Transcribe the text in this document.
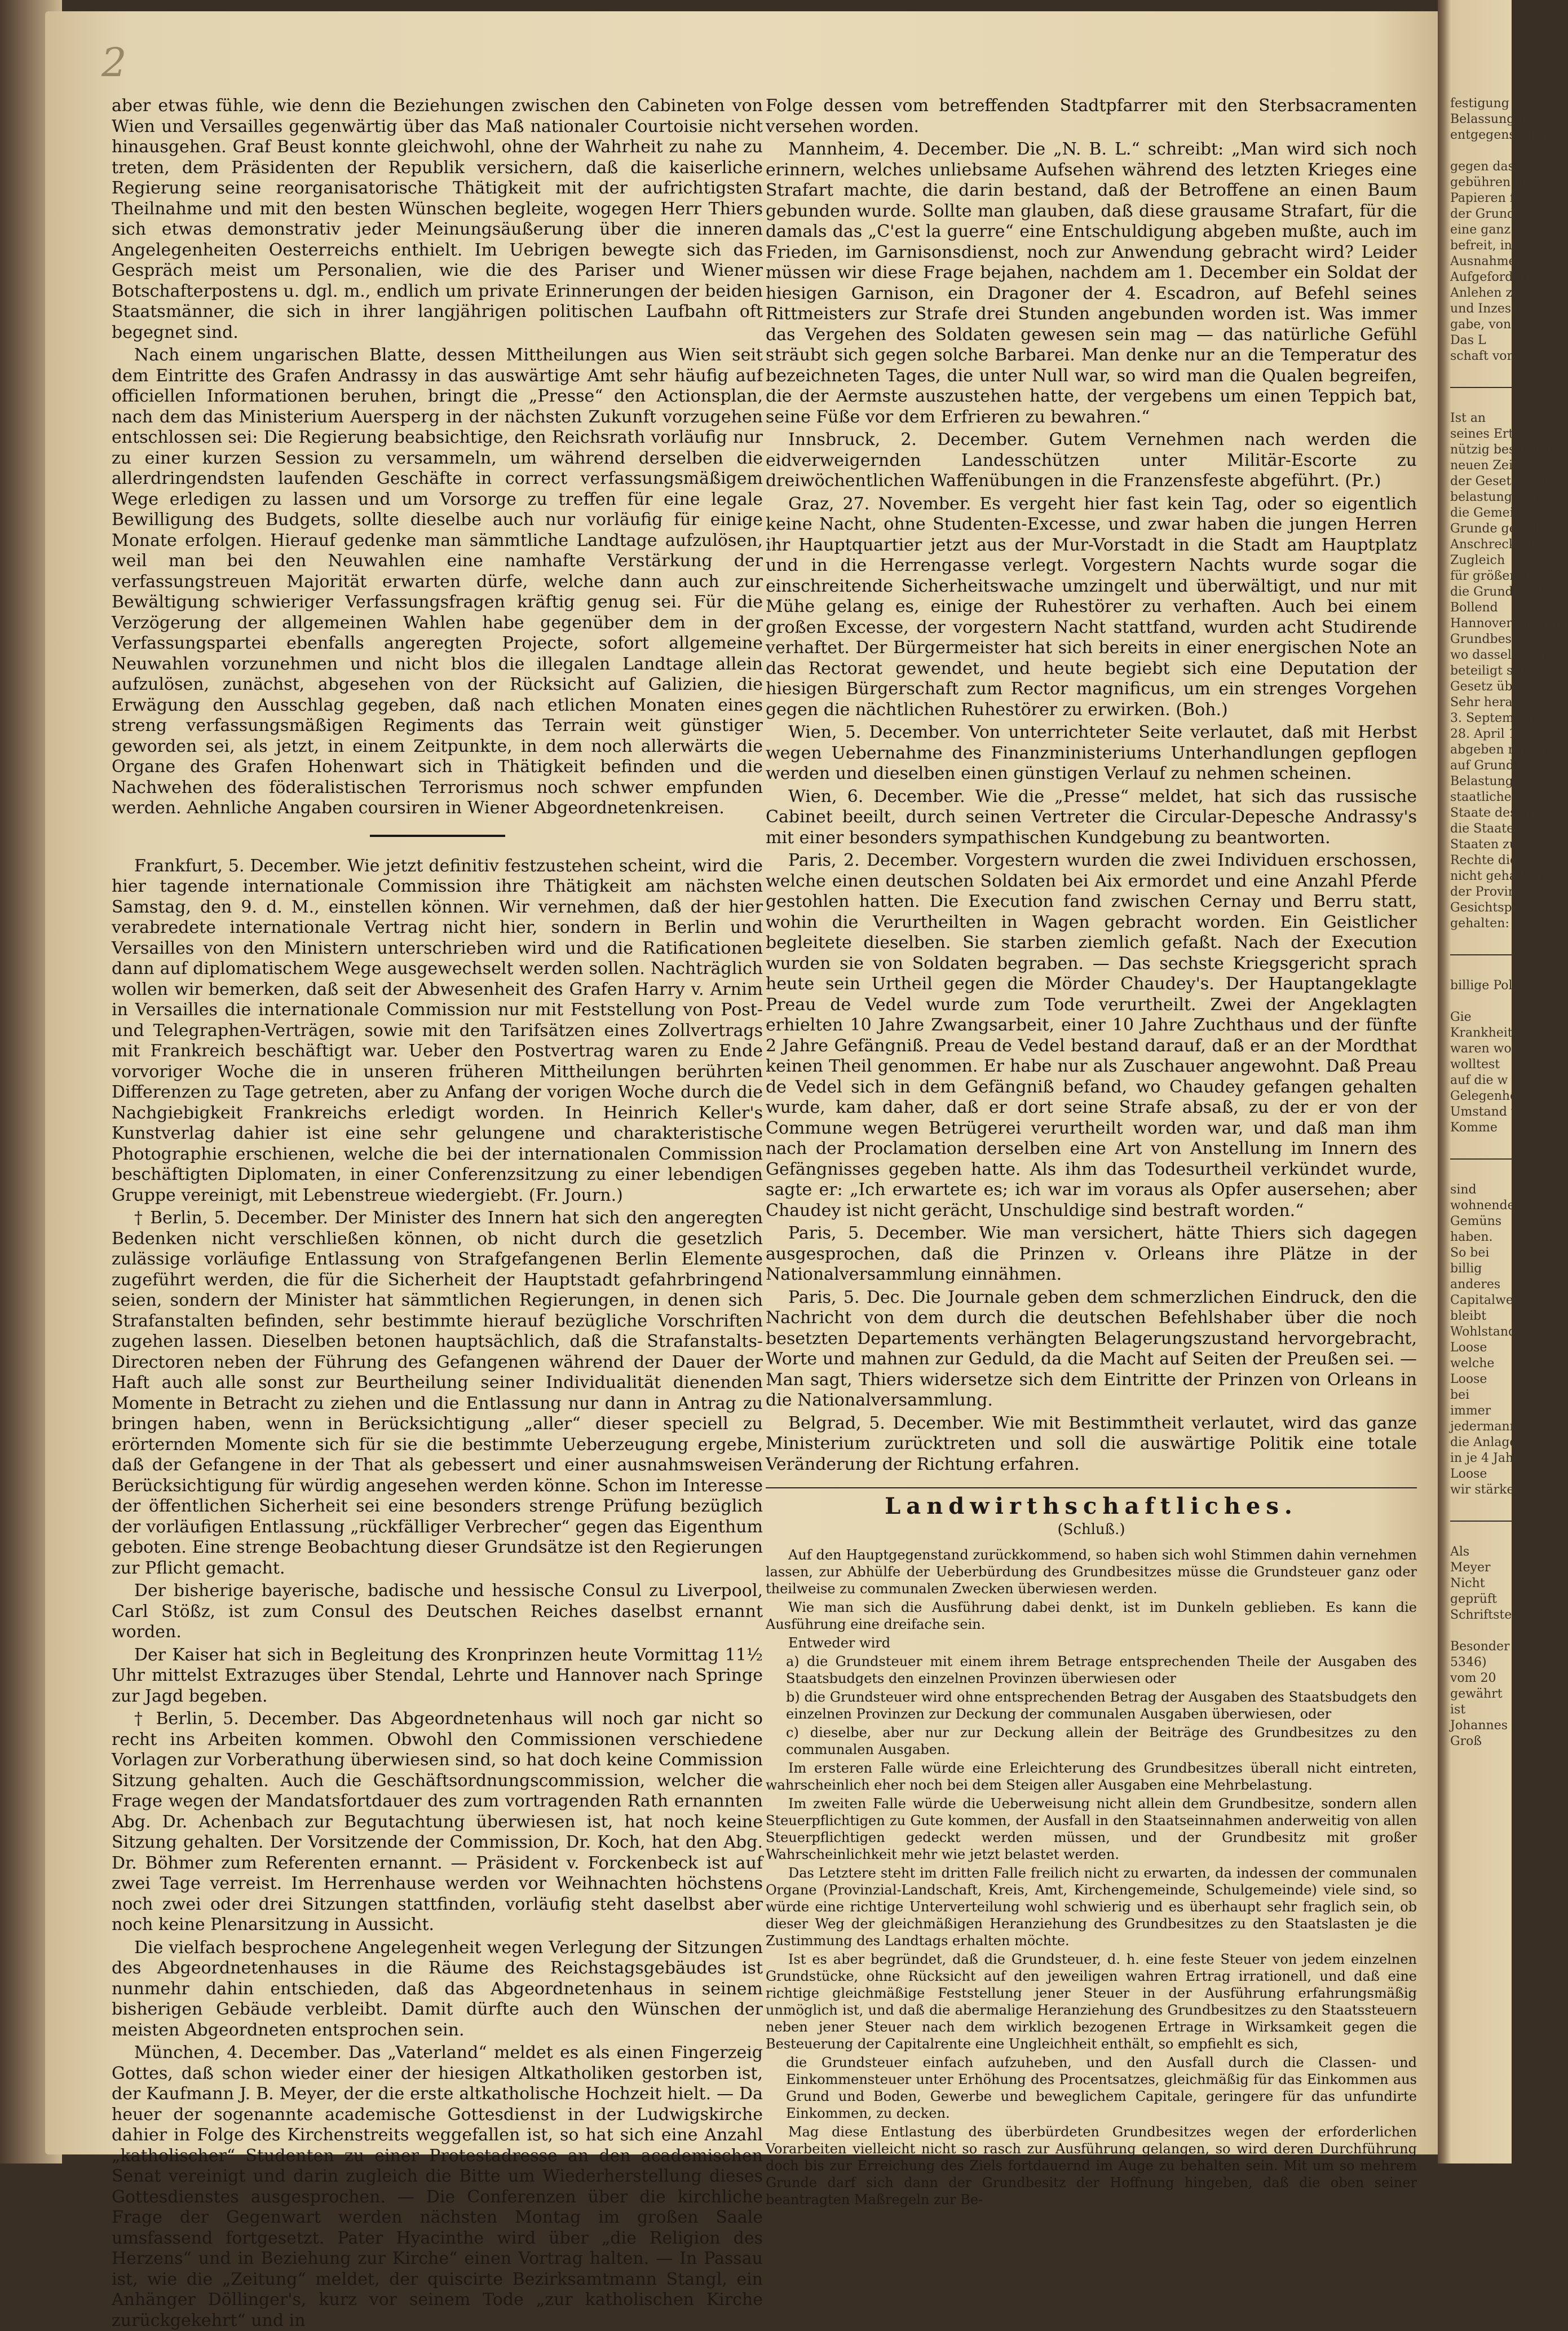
2

aber etwas fühle, wie denn die Beziehungen zwischen den Cabineten von Wien und Versailles gegenwärtig über das Maß nationaler Courtoisie nicht hinausgehen. Graf Beust konnte gleichwohl, ohne der Wahrheit zu nahe zu treten, dem Präsidenten der Republik versichern, daß die kaiserliche Regierung seine reorganisatorische Thätigkeit mit der aufrichtigsten Theilnahme und mit den besten Wünschen begleite, wogegen Herr Thiers sich etwas demonstrativ jeder Meinungsäußerung über die inneren Angelegenheiten Oesterreichs enthielt. Im Uebrigen bewegte sich das Gespräch meist um Personalien, wie die des Pariser und Wiener Botschafterpostens u. dgl. m., endlich um private Erinnerungen der beiden Staatsmänner, die sich in ihrer langjährigen politischen Laufbahn oft begegnet sind.

Nach einem ungarischen Blatte, dessen Mittheilungen aus Wien seit dem Eintritte des Grafen Andrassy in das auswärtige Amt sehr häufig auf officiellen Informationen beruhen, bringt die „Presse“ den Actionsplan, nach dem das Ministerium Auersperg in der nächsten Zukunft vorzugehen entschlossen sei: Die Regierung beabsichtige, den Reichsrath vorläufig nur zu einer kurzen Session zu versammeln, um während derselben die allerdringendsten laufenden Geschäfte in correct verfassungsmäßigem Wege erledigen zu lassen und um Vorsorge zu treffen für eine legale Bewilligung des Budgets, sollte dieselbe auch nur vorläufig für einige Monate erfolgen. Hierauf gedenke man sämmtliche Landtage aufzulösen, weil man bei den Neuwahlen eine namhafte Verstärkung der verfassungstreuen Majorität erwarten dürfe, welche dann auch zur Bewältigung schwieriger Verfassungsfragen kräftig genug sei. Für die Verzögerung der allgemeinen Wahlen habe gegenüber dem in der Verfassungspartei ebenfalls angeregten Projecte, sofort allgemeine Neuwahlen vorzunehmen und nicht blos die illegalen Landtage allein aufzulösen, zunächst, abgesehen von der Rücksicht auf Galizien, die Erwägung den Ausschlag gegeben, daß nach etlichen Monaten eines streng verfassungsmäßigen Regiments das Terrain weit günstiger geworden sei, als jetzt, in einem Zeitpunkte, in dem noch allerwärts die Organe des Grafen Hohenwart sich in Thätigkeit befinden und die Nachwehen des föderalistischen Terrorismus noch schwer empfunden werden. Aehnliche Angaben coursiren in Wiener Abgeordnetenkreisen.

Frankfurt, 5. December. Wie jetzt definitiv festzustehen scheint, wird die hier tagende internationale Commission ihre Thätigkeit am nächsten Samstag, den 9. d. M., einstellen können. Wir vernehmen, daß der hier verabredete internationale Vertrag nicht hier, sondern in Berlin und Versailles von den Ministern unterschrieben wird und die Ratificationen dann auf diplomatischem Wege ausgewechselt werden sollen. Nachträglich wollen wir bemerken, daß seit der Abwesenheit des Grafen Harry v. Arnim in Versailles die internationale Commission nur mit Feststellung von Post- und Telegraphen-Verträgen, sowie mit den Tarifsätzen eines Zollvertrags mit Frankreich beschäftigt war. Ueber den Postvertrag waren zu Ende vorvoriger Woche die in unseren früheren Mittheilungen berührten Differenzen zu Tage getreten, aber zu Anfang der vorigen Woche durch die Nachgiebigkeit Frankreichs erledigt worden. In Heinrich Keller's Kunstverlag dahier ist eine sehr gelungene und charakteristische Photographie erschienen, welche die bei der internationalen Commission beschäftigten Diplomaten, in einer Conferenzsitzung zu einer lebendigen Gruppe vereinigt, mit Lebenstreue wiedergiebt. (Fr. Journ.)

† Berlin, 5. December. Der Minister des Innern hat sich den angeregten Bedenken nicht verschließen können, ob nicht durch die gesetzlich zulässige vorläufige Entlassung von Strafgefangenen Berlin Elemente zugeführt werden, die für die Sicherheit der Hauptstadt gefahrbringend seien, sondern der Minister hat sämmtlichen Regierungen, in denen sich Strafanstalten befinden, sehr bestimmte hierauf bezügliche Vorschriften zugehen lassen. Dieselben betonen hauptsächlich, daß die Strafanstalts-Directoren neben der Führung des Gefangenen während der Dauer der Haft auch alle sonst zur Beurtheilung seiner Individualität dienenden Momente in Betracht zu ziehen und die Entlassung nur dann in Antrag zu bringen haben, wenn in Berücksichtigung „aller“ dieser speciell zu erörternden Momente sich für sie die bestimmte Ueberzeugung ergebe, daß der Gefangene in der That als gebessert und einer ausnahmsweisen Berücksichtigung für würdig angesehen werden könne. Schon im Interesse der öffentlichen Sicherheit sei eine besonders strenge Prüfung bezüglich der vorläufigen Entlassung „rückfälliger Verbrecher“ gegen das Eigenthum geboten. Eine strenge Beobachtung dieser Grundsätze ist den Regierungen zur Pflicht gemacht.

Der bisherige bayerische, badische und hessische Consul zu Liverpool, Carl Stößz, ist zum Consul des Deutschen Reiches daselbst ernannt worden.

Der Kaiser hat sich in Begleitung des Kronprinzen heute Vormittag 11½ Uhr mittelst Extrazuges über Stendal, Lehrte und Hannover nach Springe zur Jagd begeben.

† Berlin, 5. December. Das Abgeordnetenhaus will noch gar nicht so recht ins Arbeiten kommen. Obwohl den Commissionen verschiedene Vorlagen zur Vorberathung überwiesen sind, so hat doch keine Commission Sitzung gehalten. Auch die Geschäftsordnungscommission, welcher die Frage wegen der Mandatsfortdauer des zum vortragenden Rath ernannten Abg. Dr. Achenbach zur Begutachtung überwiesen ist, hat noch keine Sitzung gehalten. Der Vorsitzende der Commission, Dr. Koch, hat den Abg. Dr. Böhmer zum Referenten ernannt. — Präsident v. Forckenbeck ist auf zwei Tage verreist. Im Herrenhause werden vor Weihnachten höchstens noch zwei oder drei Sitzungen stattfinden, vorläufig steht daselbst aber noch keine Plenarsitzung in Aussicht.

Die vielfach besprochene Angelegenheit wegen Verlegung der Sitzungen des Abgeordnetenhauses in die Räume des Reichstagsgebäudes ist nunmehr dahin entschieden, daß das Abgeordnetenhaus in seinem bisherigen Gebäude verbleibt. Damit dürfte auch den Wünschen der meisten Abgeordneten entsprochen sein.

München, 4. December. Das „Vaterland“ meldet es als einen Fingerzeig Gottes, daß schon wieder einer der hiesigen Altkatholiken gestorben ist, der Kaufmann J. B. Meyer, der die erste altkatholische Hochzeit hielt. — Da heuer der sogenannte academische Gottesdienst in der Ludwigskirche dahier in Folge des Kirchenstreits weggefallen ist, so hat sich eine Anzahl „katholischer“ Studenten zu einer Protestadresse an den academischen Senat vereinigt und darin zugleich die Bitte um Wiederherstellung dieses Gottesdienstes ausgesprochen. — Die Conferenzen über die kirchliche Frage der Gegenwart werden nächsten Montag im großen Saale umsfassend fortgesetzt. Pater Hyacinthe wird über „die Religion des Herzens“ und in Beziehung zur Kirche“ einen Vortrag halten. — In Passau ist, wie die „Zeitung“ meldet, der quiscirte Bezirksamtmann Stangl, ein Anhänger Döllinger's, kurz vor seinem Tode „zur katholischen Kirche zurückgekehrt“ und in

Folge dessen vom betreffenden Stadtpfarrer mit den Sterbsacramenten versehen worden.

Mannheim, 4. December. Die „N. B. L.“ schreibt: „Man wird sich noch erinnern, welches unliebsame Aufsehen während des letzten Krieges eine Strafart machte, die darin bestand, daß der Betroffene an einen Baum gebunden wurde. Sollte man glauben, daß diese grausame Strafart, für die damals das „C'est la guerre“ eine Entschuldigung abgeben mußte, auch im Frieden, im Garnisonsdienst, noch zur Anwendung gebracht wird? Leider müssen wir diese Frage bejahen, nachdem am 1. December ein Soldat der hiesigen Garnison, ein Dragoner der 4. Escadron, auf Befehl seines Rittmeisters zur Strafe drei Stunden angebunden worden ist. Was immer das Vergehen des Soldaten gewesen sein mag — das natürliche Gefühl sträubt sich gegen solche Barbarei. Man denke nur an die Temperatur des bezeichneten Tages, die unter Null war, so wird man die Qualen begreifen, die der Aermste auszustehen hatte, der vergebens um einen Teppich bat, seine Füße vor dem Erfrieren zu bewahren.“

Innsbruck, 2. December. Gutem Vernehmen nach werden die eidverweigernden Landesschützen unter Militär-Escorte zu dreiwöchentlichen Waffenübungen in die Franzensfeste abgeführt. (Pr.)

Graz, 27. November. Es vergeht hier fast kein Tag, oder so eigentlich keine Nacht, ohne Studenten-Excesse, und zwar haben die jungen Herren ihr Hauptquartier jetzt aus der Mur-Vorstadt in die Stadt am Hauptplatz und in die Herrengasse verlegt. Vorgestern Nachts wurde sogar die einschreitende Sicherheitswache umzingelt und überwältigt, und nur mit Mühe gelang es, einige der Ruhestörer zu verhaften. Auch bei einem großen Excesse, der vorgestern Nacht stattfand, wurden acht Studirende verhaftet. Der Bürgermeister hat sich bereits in einer energischen Note an das Rectorat gewendet, und heute begiebt sich eine Deputation der hiesigen Bürgerschaft zum Rector magnificus, um ein strenges Vorgehen gegen die nächtlichen Ruhestörer zu erwirken. (Boh.)

Wien, 5. December. Von unterrichteter Seite verlautet, daß mit Herbst wegen Uebernahme des Finanzministeriums Unterhandlungen gepflogen werden und dieselben einen günstigen Verlauf zu nehmen scheinen.

Wien, 6. December. Wie die „Presse“ meldet, hat sich das russische Cabinet beeilt, durch seinen Vertreter die Circular-Depesche Andrassy's mit einer besonders sympathischen Kundgebung zu beantworten.

Paris, 2. December. Vorgestern wurden die zwei Individuen erschossen, welche einen deutschen Soldaten bei Aix ermordet und eine Anzahl Pferde gestohlen hatten. Die Execution fand zwischen Cernay und Berru statt, wohin die Verurtheilten in Wagen gebracht worden. Ein Geistlicher begleitete dieselben. Sie starben ziemlich gefaßt. Nach der Execution wurden sie von Soldaten begraben. — Das sechste Kriegsgericht sprach heute sein Urtheil gegen die Mörder Chaudey's. Der Hauptangeklagte Preau de Vedel wurde zum Tode verurtheilt. Zwei der Angeklagten erhielten 10 Jahre Zwangsarbeit, einer 10 Jahre Zuchthaus und der fünfte 2 Jahre Gefängniß. Preau de Vedel bestand darauf, daß er an der Mordthat keinen Theil genommen. Er habe nur als Zuschauer angewohnt. Daß Preau de Vedel sich in dem Gefängniß befand, wo Chaudey gefangen gehalten wurde, kam daher, daß er dort seine Strafe absaß, zu der er von der Commune wegen Betrügerei verurtheilt worden war, und daß man ihm nach der Proclamation derselben eine Art von Anstellung im Innern des Gefängnisses gegeben hatte. Als ihm das Todesurtheil verkündet wurde, sagte er: „Ich erwartete es; ich war im voraus als Opfer ausersehen; aber Chaudey ist nicht gerächt, Unschuldige sind bestraft worden.“

Paris, 5. December. Wie man versichert, hätte Thiers sich dagegen ausgesprochen, daß die Prinzen v. Orleans ihre Plätze in der Nationalversammlung einnähmen.

Paris, 5. Dec. Die Journale geben dem schmerzlichen Eindruck, den die Nachricht von dem durch die deutschen Befehlshaber über die noch besetzten Departements verhängten Belagerungszustand hervorgebracht, Worte und mahnen zur Geduld, da die Macht auf Seiten der Preußen sei. — Man sagt, Thiers widersetze sich dem Eintritte der Prinzen von Orleans in die Nationalversammlung.

Belgrad, 5. December. Wie mit Bestimmtheit verlautet, wird das ganze Ministerium zurücktreten und soll die auswärtige Politik eine totale Veränderung der Richtung erfahren.

Landwirthschaftliches.
(Schluß.)

Auf den Hauptgegenstand zurückkommend, so haben sich wohl Stimmen dahin vernehmen lassen, zur Abhülfe der Ueberbürdung des Grundbesitzes müsse die Grundsteuer ganz oder theilweise zu communalen Zwecken überwiesen werden.

Wie man sich die Ausführung dabei denkt, ist im Dunkeln geblieben. Es kann die Ausführung eine dreifache sein.

Entweder wird

a) die Grundsteuer mit einem ihrem Betrage entsprechenden Theile der Ausgaben des Staatsbudgets den einzelnen Provinzen überwiesen oder

b) die Grundsteuer wird ohne entsprechenden Betrag der Ausgaben des Staatsbudgets den einzelnen Provinzen zur Deckung der communalen Ausgaben überwiesen, oder

c) dieselbe, aber nur zur Deckung allein der Beiträge des Grundbesitzes zu den communalen Ausgaben.

Im ersteren Falle würde eine Erleichterung des Grundbesitzes überall nicht eintreten, wahrscheinlich eher noch bei dem Steigen aller Ausgaben eine Mehrbelastung.

Im zweiten Falle würde die Ueberweisung nicht allein dem Grundbesitze, sondern allen Steuerpflichtigen zu Gute kommen, der Ausfall in den Staatseinnahmen anderweitig von allen Steuerpflichtigen gedeckt werden müssen, und der Grundbesitz mit großer Wahrscheinlichkeit mehr wie jetzt belastet werden.

Das Letztere steht im dritten Falle freilich nicht zu erwarten, da indessen der communalen Organe (Provinzial-Landschaft, Kreis, Amt, Kirchengemeinde, Schulgemeinde) viele sind, so würde eine richtige Unterverteilung wohl schwierig und es überhaupt sehr fraglich sein, ob dieser Weg der gleichmäßigen Heranziehung des Grundbesitzes zu den Staatslasten je die Zustimmung des Landtags erhalten möchte.

Ist es aber begründet, daß die Grundsteuer, d. h. eine feste Steuer von jedem einzelnen Grundstücke, ohne Rücksicht auf den jeweiligen wahren Ertrag irrationell, und daß eine richtige gleichmäßige Feststellung jener Steuer in der Ausführung erfahrungsmäßig unmöglich ist, und daß die abermalige Heranziehung des Grundbesitzes zu den Staatssteuern neben jener Steuer nach dem wirklich bezogenen Ertrage in Wirksamkeit gegen die Besteuerung der Capitalrente eine Ungleichheit enthält, so empfiehlt es sich,

die Grundsteuer einfach aufzuheben, und den Ausfall durch die Classen- und Einkommensteuer unter Erhöhung des Procentsatzes, gleichmäßig für das Einkommen aus Grund und Boden, Gewerbe und beweglichem Capitale, geringere für das unfundirte Einkommen, zu decken.

Mag diese Entlastung des überbürdeten Grundbesitzes wegen der erforderlichen Vorarbeiten vielleicht nicht so rasch zur Ausführung gelangen, so wird deren Durchführung doch bis zur Erreichung des Ziels fortdauernd im Auge zu behalten sein. Mit um so mehrem Grunde darf sich dann der Grundbesitz der Hoffnung hingeben, daß die oben seiner beantragten Maßregeln zur Be-

festigung der
Belassung des
entgegenstellen

gegen das
gebühren be
Papieren fo
der Grundbes
eine ganz er
befreit, ins
Ausnahmen
Aufgefordert
Anlehen zu
und Inzessio
gabe, von de
Das L
schaft von de
Ist an
seines Ertrages
nützig bestimmt
neuen Zeit
der Gesetzgebu
belastung dur
die Gemeindela
Grunde gelegt
Anschreckend
Zugleich
für größere G
die Grundbesitze
Bollend
Hannover zusamm
Grundbesitzers
wo dasselbe zu
beteiligt sein
Gesetz über
Sehr herangeze
3. September
28. April 18
abgeben nur ei
auf Grund w
Belastung
staatlichen Be
Staate des Gr
die Staaten
Staaten zu be
Rechte die
nicht gehalten
der Provinz
Gesichtspu
gehalten:
billige Pol

Gie
Krankheiten
waren wohl
wolltest
auf die w
Gelegenheit
Umstand w
Komme
sind
wohnende
Gemüns
haben.
So bei
billig
anderes
Capitalwer
bleibt
Wohlstand
Loose
welche
Loose
bei
immer
jedermann
die Anlage
in je 4 Jahr
Loose
wir stärker
Als
Meyer
Nicht
geprüft
Schriftsteller

Besonder
5346)
vom 20
gewährt
ist
Johannes
Groß
